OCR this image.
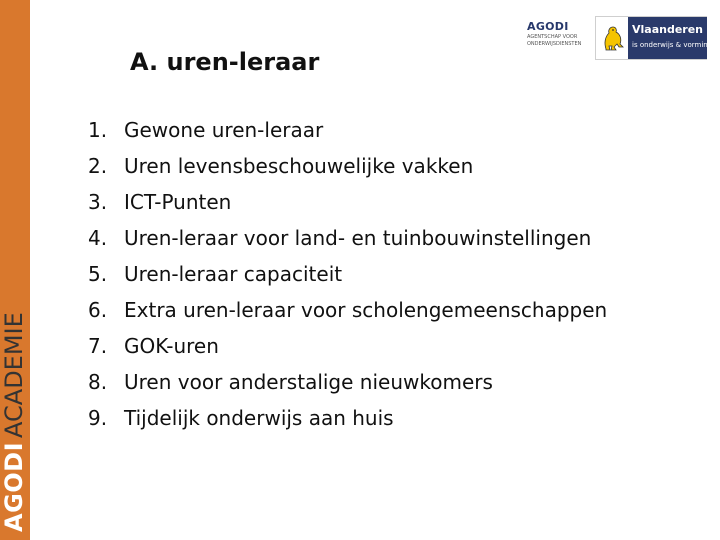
AGODIACADEMIE
AGODI
AGENTSCHAP VOOR ONDERWIJSDIENSTEN
Vlaanderen
is onderwijs & vorming
A. uren-leraar
1. Gewone uren-leraar
2. Uren levensbeschouwelijke vakken
3. ICT-Punten
4. Uren-leraar voor land- en tuinbouwinstellingen
5. Uren-leraar capaciteit
6. Extra uren-leraar voor scholengemeenschappen
7. GOK-uren
8. Uren voor anderstalige nieuwkomers
9. Tijdelijk onderwijs aan huis
